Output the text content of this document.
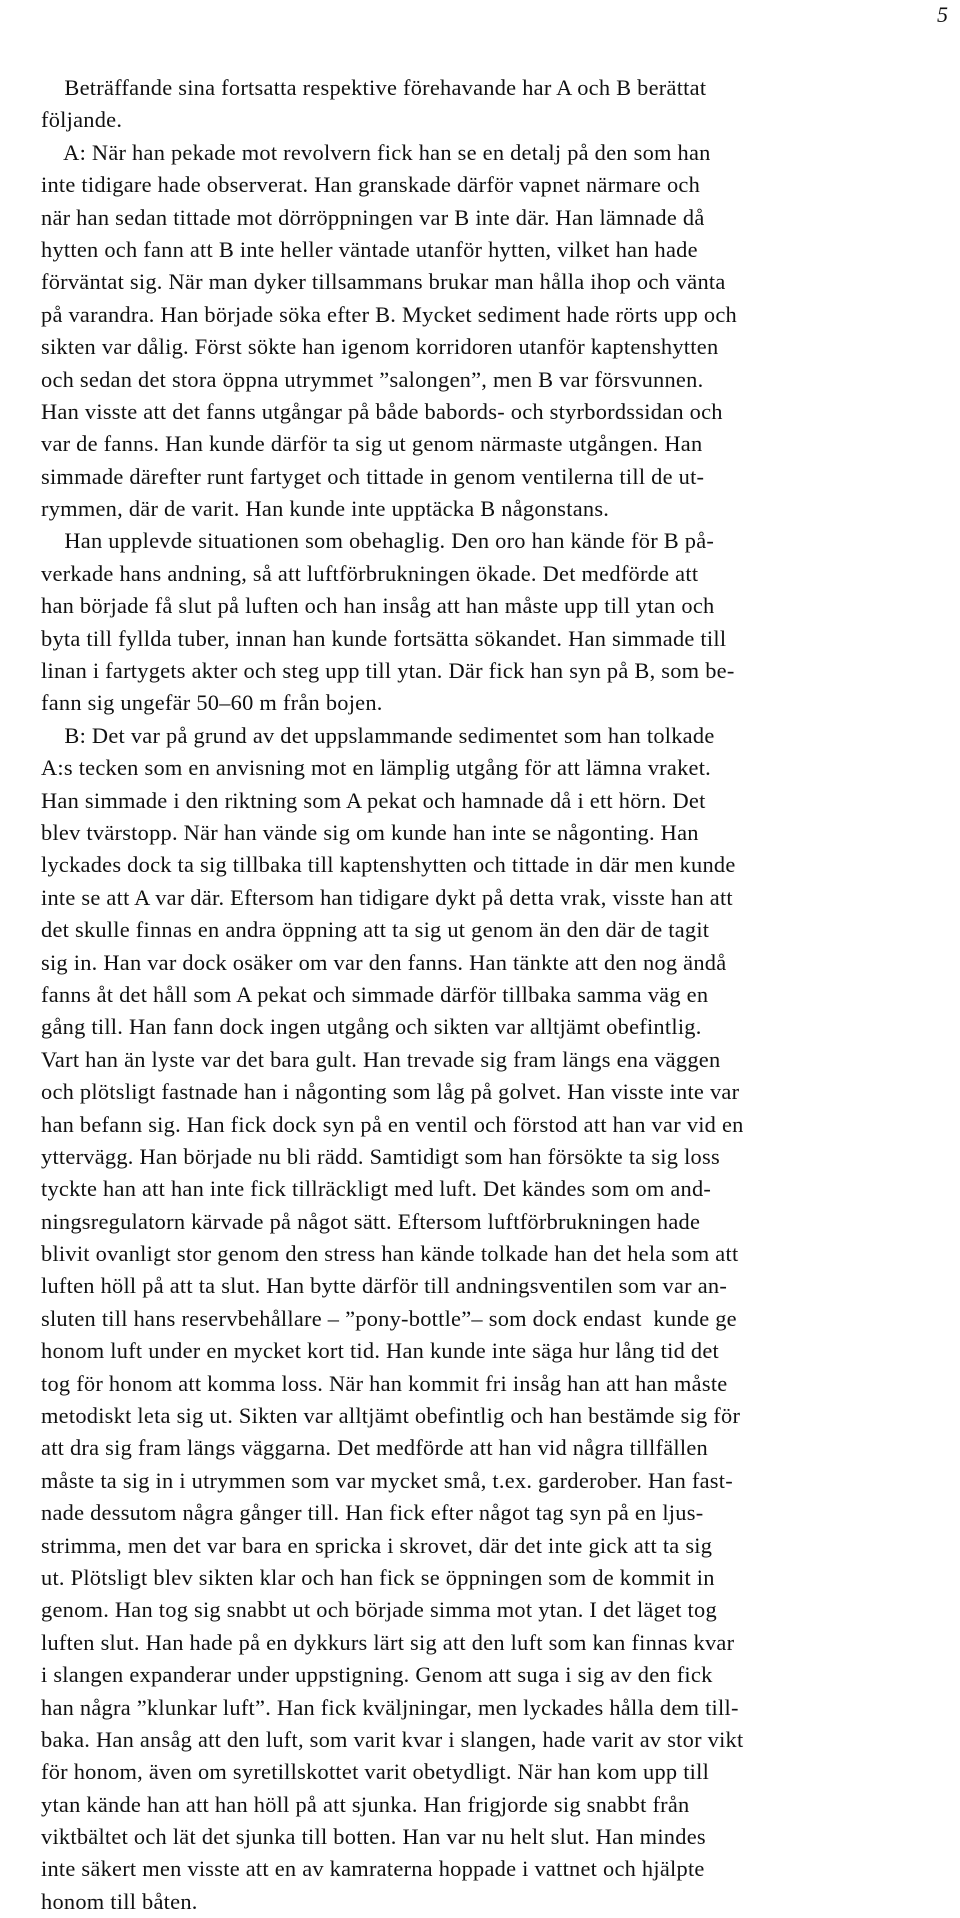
5
Beträffande sina fortsatta respektive förehavande har A och B berättat
följande.
A: När han pekade mot revolvern fick han se en detalj på den som han
inte tidigare hade observerat. Han granskade därför vapnet närmare och
när han sedan tittade mot dörröppningen var B inte där. Han lämnade då
hytten och fann att B inte heller väntade utanför hytten, vilket han hade
förväntat sig. När man dyker tillsammans brukar man hålla ihop och vänta
på varandra. Han började söka efter B. Mycket sediment hade rörts upp och
sikten var dålig. Först sökte han igenom korridoren utanför kaptenshytten
och sedan det stora öppna utrymmet ”salongen”, men B var försvunnen.
Han visste att det fanns utgångar på både babords- och styrbordssidan och
var de fanns. Han kunde därför ta sig ut genom närmaste utgången. Han
simmade därefter runt fartyget och tittade in genom ventilerna till de ut-
rymmen, där de varit. Han kunde inte upptäcka B någonstans.
Han upplevde situationen som obehaglig. Den oro han kände för B på-
verkade hans andning, så att luftförbrukningen ökade. Det medförde att
han började få slut på luften och han insåg att han måste upp till ytan och
byta till fyllda tuber, innan han kunde fortsätta sökandet. Han simmade till
linan i fartygets akter och steg upp till ytan. Där fick han syn på B, som be-
fann sig ungefär 50–60 m från bojen.
B: Det var på grund av det uppslammande sedimentet som han tolkade
A:s tecken som en anvisning mot en lämplig utgång för att lämna vraket.
Han simmade i den riktning som A pekat och hamnade då i ett hörn. Det
blev tvärstopp. När han vände sig om kunde han inte se någonting. Han
lyckades dock ta sig tillbaka till kaptenshytten och tittade in där men kunde
inte se att A var där. Eftersom han tidigare dykt på detta vrak, visste han att
det skulle finnas en andra öppning att ta sig ut genom än den där de tagit
sig in. Han var dock osäker om var den fanns. Han tänkte att den nog ändå
fanns åt det håll som A pekat och simmade därför tillbaka samma väg en
gång till. Han fann dock ingen utgång och sikten var alltjämt obefintlig.
Vart han än lyste var det bara gult. Han trevade sig fram längs ena väggen
och plötsligt fastnade han i någonting som låg på golvet. Han visste inte var
han befann sig. Han fick dock syn på en ventil och förstod att han var vid en
yttervägg. Han började nu bli rädd. Samtidigt som han försökte ta sig loss
tyckte han att han inte fick tillräckligt med luft. Det kändes som om and-
ningsregulatorn kärvade på något sätt. Eftersom luftförbrukningen hade
blivit ovanligt stor genom den stress han kände tolkade han det hela som att
luften höll på att ta slut. Han bytte därför till andningsventilen som var an-
sluten till hans reservbehållare – ”pony-bottle”– som dock endast  kunde ge
honom luft under en mycket kort tid. Han kunde inte säga hur lång tid det
tog för honom att komma loss. När han kommit fri insåg han att han måste
metodiskt leta sig ut. Sikten var alltjämt obefintlig och han bestämde sig för
att dra sig fram längs väggarna. Det medförde att han vid några tillfällen
måste ta sig in i utrymmen som var mycket små, t.ex. garderober. Han fast-
nade dessutom några gånger till. Han fick efter något tag syn på en ljus-
strimma, men det var bara en spricka i skrovet, där det inte gick att ta sig
ut. Plötsligt blev sikten klar och han fick se öppningen som de kommit in
genom. Han tog sig snabbt ut och började simma mot ytan. I det läget tog
luften slut. Han hade på en dykkurs lärt sig att den luft som kan finnas kvar
i slangen expanderar under uppstigning. Genom att suga i sig av den fick
han några ”klunkar luft”. Han fick kväljningar, men lyckades hålla dem till-
baka. Han ansåg att den luft, som varit kvar i slangen, hade varit av stor vikt
för honom, även om syretillskottet varit obetydligt. När han kom upp till
ytan kände han att han höll på att sjunka. Han frigjorde sig snabbt från
viktbältet och lät det sjunka till botten. Han var nu helt slut. Han mindes
inte säkert men visste att en av kamraterna hoppade i vattnet och hjälpte
honom till båten.
